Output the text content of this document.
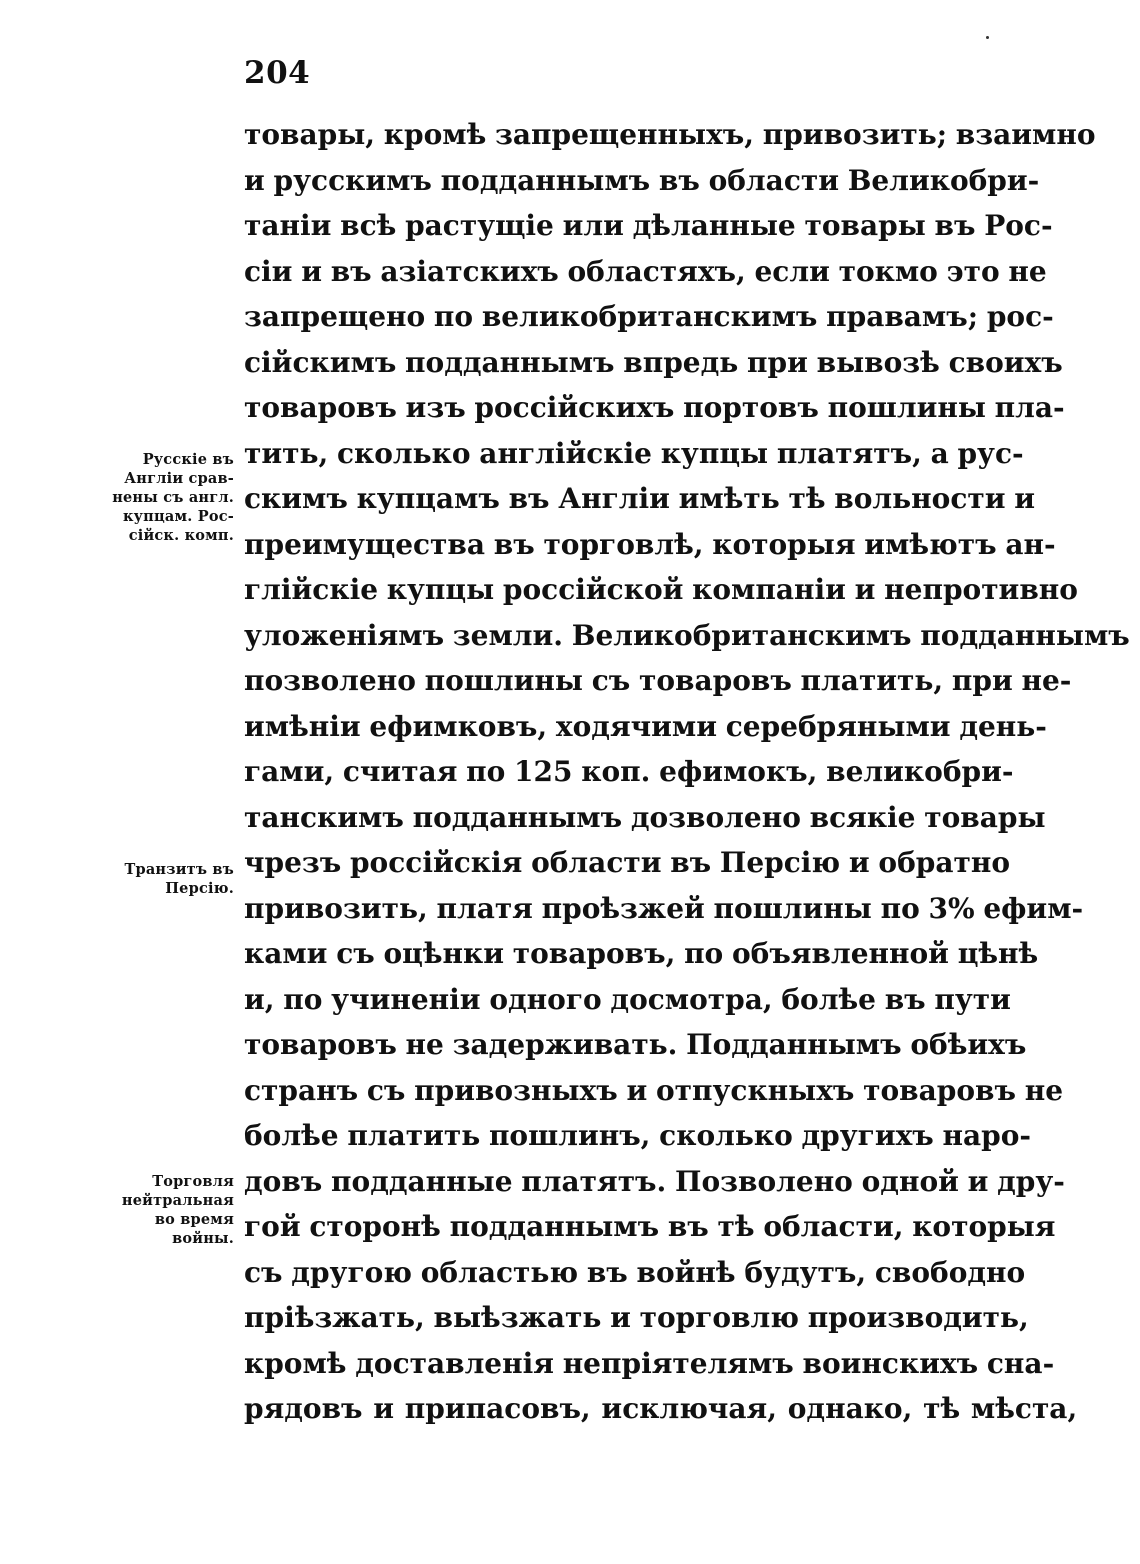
204
товары, кромѣ запрещенныхъ, привозить; взаимно
и русскимъ подданнымъ въ области Великобри-
таніи всѣ растущіе или дѣланные товары въ Рос-
сіи и въ азіатскихъ областяхъ, если токмо это не
запрещено по великобританскимъ правамъ; рос-
сійскимъ подданнымъ впредь при вывозѣ своихъ
товаровъ изъ россійскихъ портовъ пошлины пла-
тить, сколько англійскіе купцы платятъ, а рус-
скимъ купцамъ въ Англіи имѣть тѣ вольности и
преимущества въ торговлѣ, которыя имѣютъ ан-
глійскіе купцы россійской компаніи и непротивно
уложеніямъ земли. Великобританскимъ подданнымъ
позволено пошлины съ товаровъ платить, при не-
имѣніи ефимковъ, ходячими серебряными день-
гами, считая по 125 коп. ефимокъ, великобри-
танскимъ подданнымъ дозволено всякіе товары
чрезъ россійскія области въ Персію и обратно
привозить, платя проѣзжей пошлины по 3% ефим-
ками съ оцѣнки товаровъ, по объявленной цѣнѣ
и, по учиненіи одного досмотра, болѣе въ пути
товаровъ не задерживать. Подданнымъ обѣихъ
странъ съ привозныхъ и отпускныхъ товаровъ не
болѣе платить пошлинъ, сколько другихъ наро-
довъ подданные платятъ. Позволено одной и дру-
гой сторонѣ подданнымъ въ тѣ области, которыя
съ другою областью въ войнѣ будутъ, свободно
пріѣзжать, выѣзжать и торговлю производить,
кромѣ доставленія непріятелямъ воинскихъ сна-
рядовъ и припасовъ, исключая, однако, тѣ мѣста,
Русскіе въ
Англіи срав-
нены съ англ.
купцам. Рос-
сійск. комп.
Транзитъ въ
Персію.
Торговля
нейтральная
во время
войны.
